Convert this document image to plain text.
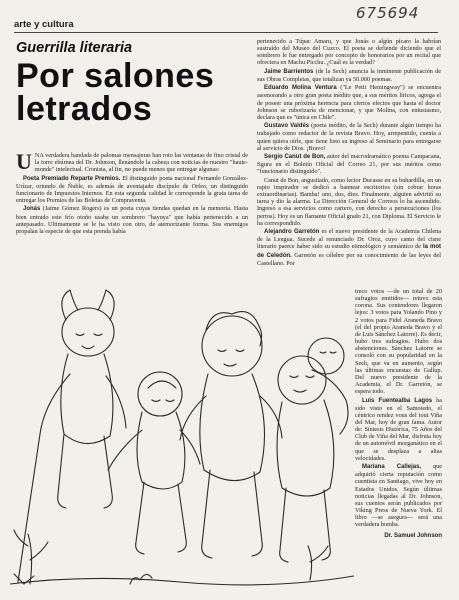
675694
arte y cultura
Guerrilla literaria
Por salones
letrados

UNA verdadera bandada de palomas mensajeras han roto las ventanas de fino cristal de la torre ebúrnea del Dr. Johnson, llenándole la cabeza con noticias de nuestro "haute-monde" intelectual. Cronista, al fin, no puede menos que entregar algunas:

Poeta Premiado Reparte Premios. El distinguido poeta nacional Fernando González-Urízar, oriundo de Ñuble, es además de aventajado discípulo de Orfeo, un distinguido funcionario de Impuestos Internos. En esta segunda calidad le corresponde la grata tarea de entregar los Premios de las Boletas de Compraventa.

Jonás (Jaime Gómez Rogers) es un poeta cuyas tiendas quedan en la memoria. Hasta bien entrado este frío otoño usaba un sombrero "hayuya" que había pertenecido a un antepasado. Ultimamente se le ha visto con otro, de atemorizante forma. Sus enemigos propalan la especie de que esta prenda había

pertenecido a Túpac Amaru, y que Jonás o algún pícaro la habrían sustraído del Museo del Cuzco. El poeta se defiende diciendo que el sombrero le fue entregado por concepto de honorarios por un recital que ofreciera en Machu Picchu. ¿Cuál es la verdad?

Jaime Barrientos (de la Sech) anuncia la inminente publicación de sus Obras Completas, que totalizan ya 50.000 poemas.

Eduardo Molina Ventura ("Le Petit Hemingway") se encuentra asomorando a otro gran poeta inédito que, a sus méritos líricos, agrega el de poseer una próxima herencia para ciertos efectos que hasta el doctor Johnson se ruborizaría de mencionar, y que Molina, con entusiasmo, declara que es "única en Chile".

Gustavo Valdés (poeta inédito, de la Sech) durante algún tiempo ha trabajado como redactor de la revista Bravo. Hoy, arrepentido, cuenta a quien quiera oírle, que tiene listo su ingreso al Seminario para entregarse al servicio de Dios. ¡Bravo!

Sergio Canut de Bon, autor del macrodramático poema Campacana, figura en el Boletín Oficial del Correo 21, por sus méritos como "funcionario distinguido".

Canut de Bon, angustiado, como lector Ducasse en su buhardilla, en un rapto inspirador se dedicó a bannear escritorios (sin cobrar horas extraordinarias). Bamba! uno, dos, diez. Finalmente, alguien advirtió su tarea y dio la alarma. La Dirección General de Correos lo ha ascendido. Ingresó a esa servicios como cartero, con derecho a persecuciones (los perros). Hoy es un flamante Oficial grado 21, con Diploma. El Servicio le ha correspondido.

Alejandro Garretón es el nuevo presidente de la Academia Chilena de la Lengua. Sucede al renunciado Dr. Oroz, cuyo canto del cisne literario parece haber sido su estudio etimológico y semántico de la mot de Celedón. Garretón es célebre por su conocimiento de las leyes del Castellano. Por

treco votos —de un total de 20 sufragios emitidos— retuvo esta corona. Sus contendores llegaron lejos: 3 votos para Yolando Pino y 2 votos para Fidel Araneda Bravo (el del propio Araneda Bravo y el de Luis Sánchez Latorre). Es decir, hubo tres sufragios. Hubo dos abstenciones. Sánchez Latorre se consoló con su popularidad en la Sech, que va en aumento, según las últimas encuestas de Gallup. Del nuevo presidente de la Academia, el Dr. Garretón, se espera todo.

Luis Fuentealba Lagos ha sido visto en el Samoiedo, el céntrico rendez vous del tout Viña del Mar, hoy de gran fama. Autor de: Síntesis Histórica, 75 Años del Club de Viña del Mar, disfruta hoy de un automóvil morganático en el que se desplaza a altas velocidades.

Mariana Callejas, que adquirió cierta reputación como cuentista en Santiago, vive hoy en Estados Unidos. Según últimas noticias llegadas al Dr. Johnson, sus cuentos serán publicados por Viking Press de Nueva York. El libro —se asegura— será una verdadera bomba.

Dr. Samuel Johnson
